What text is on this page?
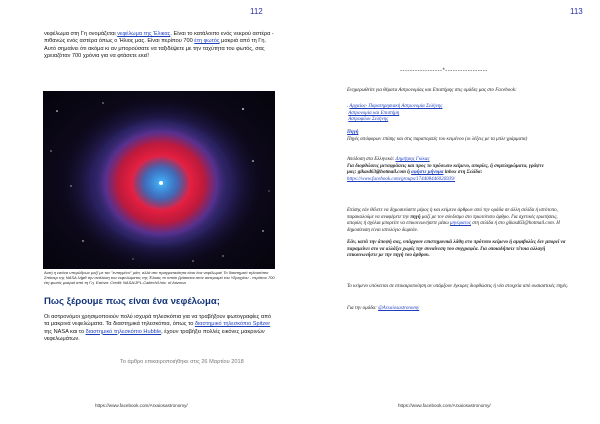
112
νεφέλωμα στη Γη ονομάζεται νεφέλωμα της Έλικας. Είναι το κατάλοιπο ενός νεκρού αστέρα - πιθανώς ενός αστέρα όπως ο Ήλιος μας. Είναι περίπου 700 έτη φωτός μακριά από τη Γη. Αυτό σημαίνει ότι ακόμα κι αν μπορούσατε να ταξιδέψετε με την ταχύτητα του φωτός, σας χρειαζόταν 700 χρόνια για να φτάσετε εκεί!
Αυτή η εικόνα υπερύθρων μαζί με τον "ενταγμένο" μάτι, αλλά στο πραγματικότητα είναι ένα νεφέλωμα! Το διαστημικό τηλεσκόπιο Σπίτσερ της NASA λήφθ την ανάλυση του νεφελώματος της Έλικας το οποίο βρίσκεται στον αστερισμό του Υδροχόου - περίπου 700 έτη φωτός μακριά από τη Γη. Εικόνα: Credit: NASA/JPL-Caltech/Univ. of Arizona
Πως ξέρουμε πως είναι ένα νεφέλωμα;
Οι αστρονόμοι χρησιμοποιούν πολύ ισχυρά τηλεσκόπια για να τραβήξουν φωτογραφίες από τα μακρινά νεφελώματα. Τα διαστημικά τηλεσκόπια, όπως το διαστημικό τηλεσκόπιο Spitzer της NASA και το διαστημικό τηλεσκόπιο Hubble, έχουν τραβήξει πολλές εικόνες μακρινών νεφελωμάτων.
Το άρθρο επικαιροποιήθηκε στις 26 Μαρτίου 2018
https://www.facebook.com/Arxaiosastronomy/
113
-----------------*-----------------
Ενημερωθείτε για θέματα Αστρονομίας και Επιστήμης στις ομάδες μας στο Facebook:
. Αρχαίος- Παρατηρησιακή Αστρονομία Σελήνης
Αστρονομία και Επιστήμη
Αστροφίλοι Σελήνης
Πηγή
Πηγές απόφορων επίσης και στις παραπομπές του κειμένου (οι λέξεις με τα μπλε γράμματα)
Απόδοση στα Ελληνικά: Δημήτρης Γκίκας
Για διορθώσεις μεταφράσεις και προς το πρόσωπο κείμενο, απορίες, ή συμπληρώματα, γράψτε
μας: gikasd63@hotmail.com ή αφήστε μήνυμα inbox στη Σελίδα:
https://www.facebook.com/groups/174408446026939/
Επίσης εάν θέλετε να δημοσιεύσετε μέρος ή και κείμενο άρθρων από την ομάδα σε άλλη σελίδα ή ιστότοπο, παρακαλούμε να αναφέρετε την πηγή μαζί με τον σύνδεσμο στο πρωτότυπο άρθρο. Για σχετικές ερωτήσεις, απορίες ή σχόλια μπορείτε να επικοινωνήσετε μέσω μηνύματος στη σελίδα ή στο gikasd63@hotmail.com. Η δημοσίευση είναι ιστολόγιο δωρεάν.
Εάν, κατά την άποψή σας, υπάρχουν επιστημονικά λάθη στο πρότυπο κείμενο ή αμφιβολίες δεν μπορεί να παραμείνει στο να αλλάξει χωρίς την συναίνεση του συγγραφέα. Για οποιαδήποτε τέτοια αλλαγή επικοινωνήστε με την πηγή του άρθρου.
Το κείμενο υπόκειται σε επικαιροποίηση αν υπάρξουν έγκυρες διορθώσεις ή νέα στοιχεία από ουσιαστικές πηγές.
Για την ομάδα: @Arxaiosastronomy
https://www.facebook.com/Arxaiosastronomy/
